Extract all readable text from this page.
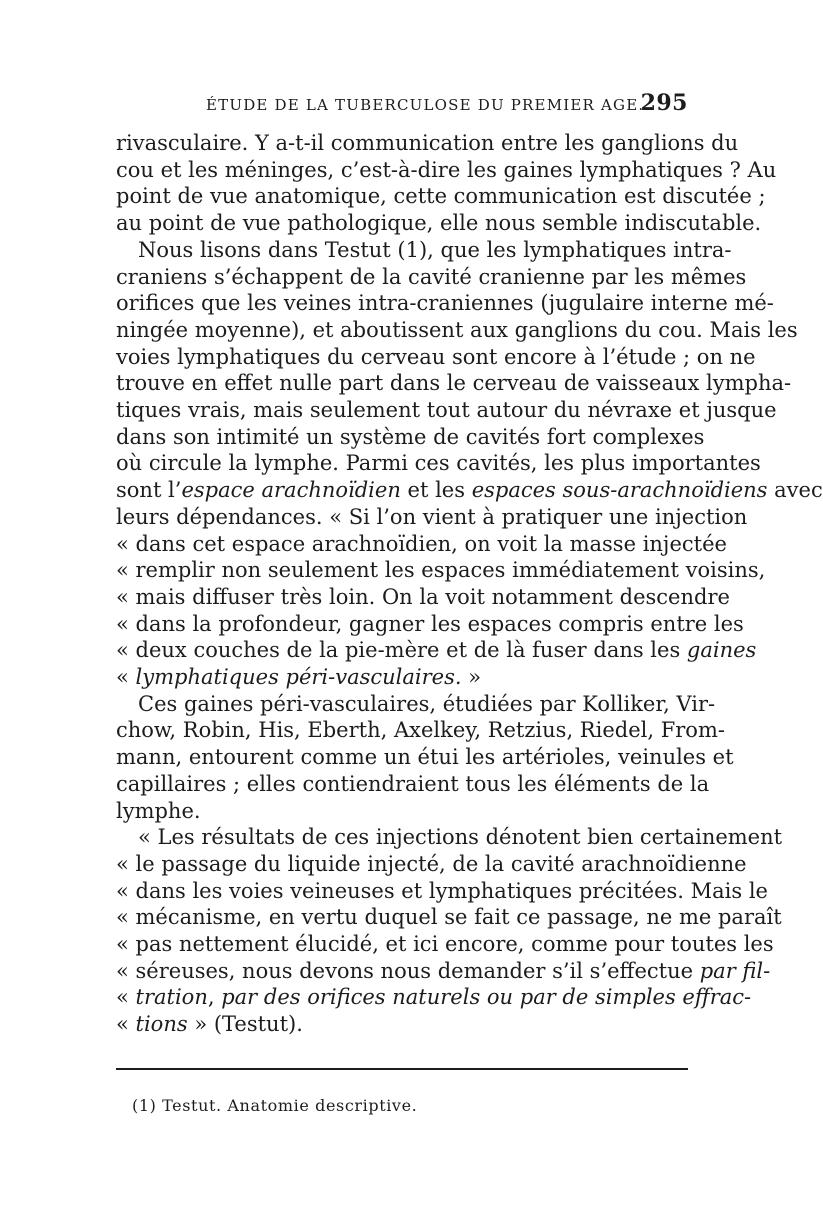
ÉTUDE DE LA TUBERCULOSE DU PREMIER AGE.
295
rivasculaire. Y a-t-il communication entre les ganglions du
cou et les méninges, c’est-à-dire les gaines lymphatiques ? Au
point de vue anatomique, cette communication est discutée ;
au point de vue pathologique, elle nous semble indiscutable.
Nous lisons dans Testut (1), que les lymphatiques intra-
craniens s’échappent de la cavité cranienne par les mêmes
orifices que les veines intra-craniennes (jugulaire interne mé-
ningée moyenne), et aboutissent aux ganglions du cou. Mais les
voies lymphatiques du cerveau sont encore à l’étude ; on ne
trouve en effet nulle part dans le cerveau de vaisseaux lympha-
tiques vrais, mais seulement tout autour du névraxe et jusque
dans son intimité un système de cavités fort complexes
où circule la lymphe. Parmi ces cavités, les plus importantes
sont l’espace arachnoïdien et les espaces sous-arachnoïdiens avec
leurs dépendances. « Si l’on vient à pratiquer une injection
« dans cet espace arachnoïdien, on voit la masse injectée
« remplir non seulement les espaces immédiatement voisins,
« mais diffuser très loin. On la voit notamment descendre
« dans la profondeur, gagner les espaces compris entre les
« deux couches de la pie-mère et de là fuser dans les gaines
« lymphatiques péri-vasculaires. »
Ces gaines péri-vasculaires, étudiées par Kolliker, Vir-
chow, Robin, His, Eberth, Axelkey, Retzius, Riedel, From-
mann, entourent comme un étui les artérioles, veinules et
capillaires ; elles contiendraient tous les éléments de la
lymphe.
« Les résultats de ces injections dénotent bien certainement
« le passage du liquide injecté, de la cavité arachnoïdienne
« dans les voies veineuses et lymphatiques précitées. Mais le
« mécanisme, en vertu duquel se fait ce passage, ne me paraît
« pas nettement élucidé, et ici encore, comme pour toutes les
« séreuses, nous devons nous demander s’il s’effectue par fil-
« tration, par des orifices naturels ou par de simples effrac-
« tions » (Testut).
(1) Testut. Anatomie descriptive.
